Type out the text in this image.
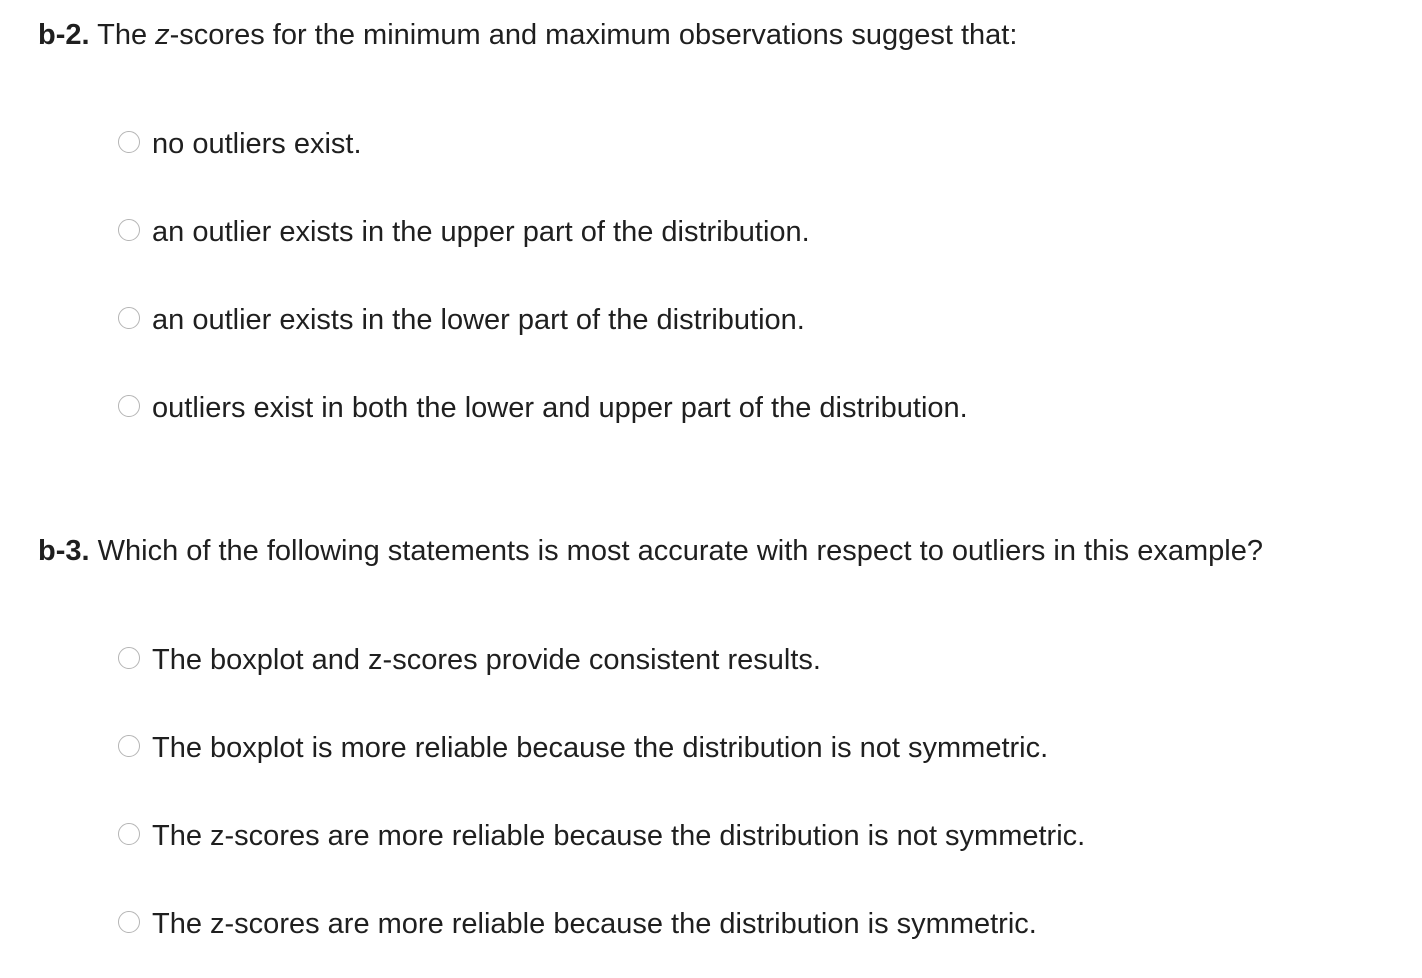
b-2. The z-scores for the minimum and maximum observations suggest that:
no outliers exist.
an outlier exists in the upper part of the distribution.
an outlier exists in the lower part of the distribution.
outliers exist in both the lower and upper part of the distribution.
b-3. Which of the following statements is most accurate with respect to outliers in this example?
The boxplot and z-scores provide consistent results.
The boxplot is more reliable because the distribution is not symmetric.
The z-scores are more reliable because the distribution is not symmetric.
The z-scores are more reliable because the distribution is symmetric.
